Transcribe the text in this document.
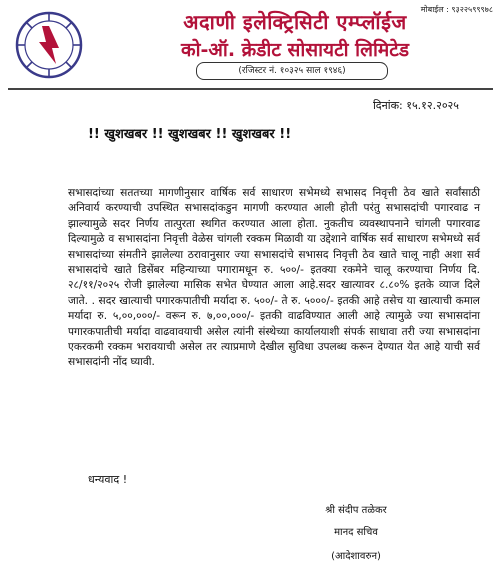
मोबाईल : ९३२२५९९९७८
अदाणी इलेक्ट्रिसिटी एम्प्लॉईज
को-ऑ. क्रेडीट सोसायटी लिमिटेड
(रजिस्टर नं. १०३२५ साल १९४६)
दिनांक: १५.१२.२०२५
!! खुशखबर !! खुशखबर !! खुशखबर !!
सभासदांच्या सततच्या मागणीनुसार वार्षिक सर्व साधारण सभेमध्ये सभासद निवृत्ती ठेव खाते सर्वांसाठी अनिवार्य करण्याची उपस्थित सभासदांकडुन मागणी करण्यात आली होती परंतु सभासदांची पगारवाढ न झाल्यामुळे सदर निर्णय तात्पुरता स्थगित करण्यात आला होता. नुकतीच व्यवस्थापनाने चांगली पगारवाढ दिल्यामुळे व सभासदांना निवृत्ती वेळेस चांगली रक्कम मिळावी या उद्देशाने वार्षिक सर्व साधारण सभेमध्ये सर्व सभासदांच्या संमतीने झालेल्या ठरावानुसार ज्या सभासदांचे सभासद निवृत्ती ठेव खाते चालू नाही अशा सर्व सभासदांचे खाते डिसेंबर महिन्याच्या पगारामधून रु. ५००/- इतक्या रकमेने चालू करण्याचा निर्णय दि. २८/११/२०२५ रोजी झालेल्या मासिक सभेत घेण्यात आला आहे.सदर खात्यावर ८.८०% इतके व्याज दिले जाते. . सदर खात्याची पगारकपातीची मर्यादा रु. ५००/- ते रु. ५०००/- इतकी आहे तसेच या खात्याची कमाल मर्यादा रु. ५,००,०००/- वरून रु. ७,००,०००/- इतकी वाढविण्यात आली आहे त्यामुळे ज्या सभासदांना पगारकपातीची मर्यादा वाढवावयाची असेल त्यांनी संस्थेच्या कार्यालयाशी संपर्क साधावा तरी ज्या सभासदांना एकरकमी रक्कम भरावयाची असेल तर त्याप्रमाणे देखील सुविधा उपलब्ध करून देण्यात येत आहे याची सर्व सभासदांनी नोंद घ्यावी.
धन्यवाद !
श्री संदीप तळेकर
मानद सचिव
(आदेशावरुन)
